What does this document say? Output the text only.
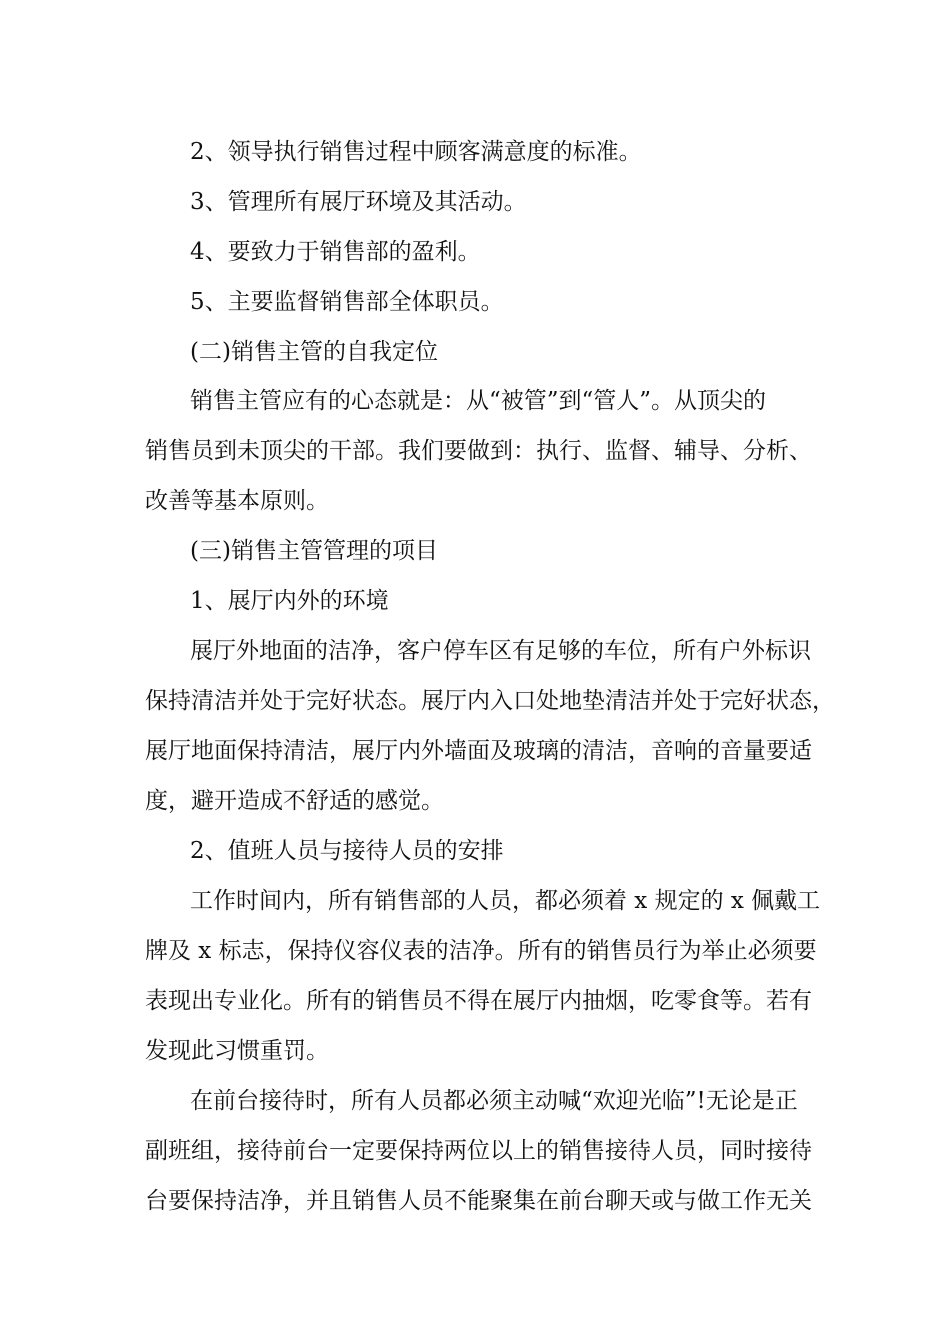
2、领导执行销售过程中顾客满意度的标准。
3、管理所有展厅环境及其活动。
4、要致力于销售部的盈利。
5、主要监督销售部全体职员。
(二)销售主管的自我定位
销售主管应有的心态就是：从“被管”到“管人”。从顶尖的
销售员到未顶尖的干部。我们要做到：执行、监督、辅导、分析、
改善等基本原则。
(三)销售主管管理的项目
1、展厅内外的环境
展厅外地面的洁净，客户停车区有足够的车位，所有户外标识
保持清洁并处于完好状态。展厅内入口处地垫清洁并处于完好状态，
展厅地面保持清洁，展厅内外墙面及玻璃的清洁，音响的音量要适
度，避开造成不舒适的感觉。
2、值班人员与接待人员的安排
工作时间内，所有销售部的人员，都必须着 x 规定的 x 佩戴工
牌及 x 标志，保持仪容仪表的洁净。所有的销售员行为举止必须要
表现出专业化。所有的销售员不得在展厅内抽烟，吃零食等。若有
发现此习惯重罚。
在前台接待时，所有人员都必须主动喊“欢迎光临”!无论是正
副班组，接待前台一定要保持两位以上的销售接待人员，同时接待
台要保持洁净，并且销售人员不能聚集在前台聊天或与做工作无关
